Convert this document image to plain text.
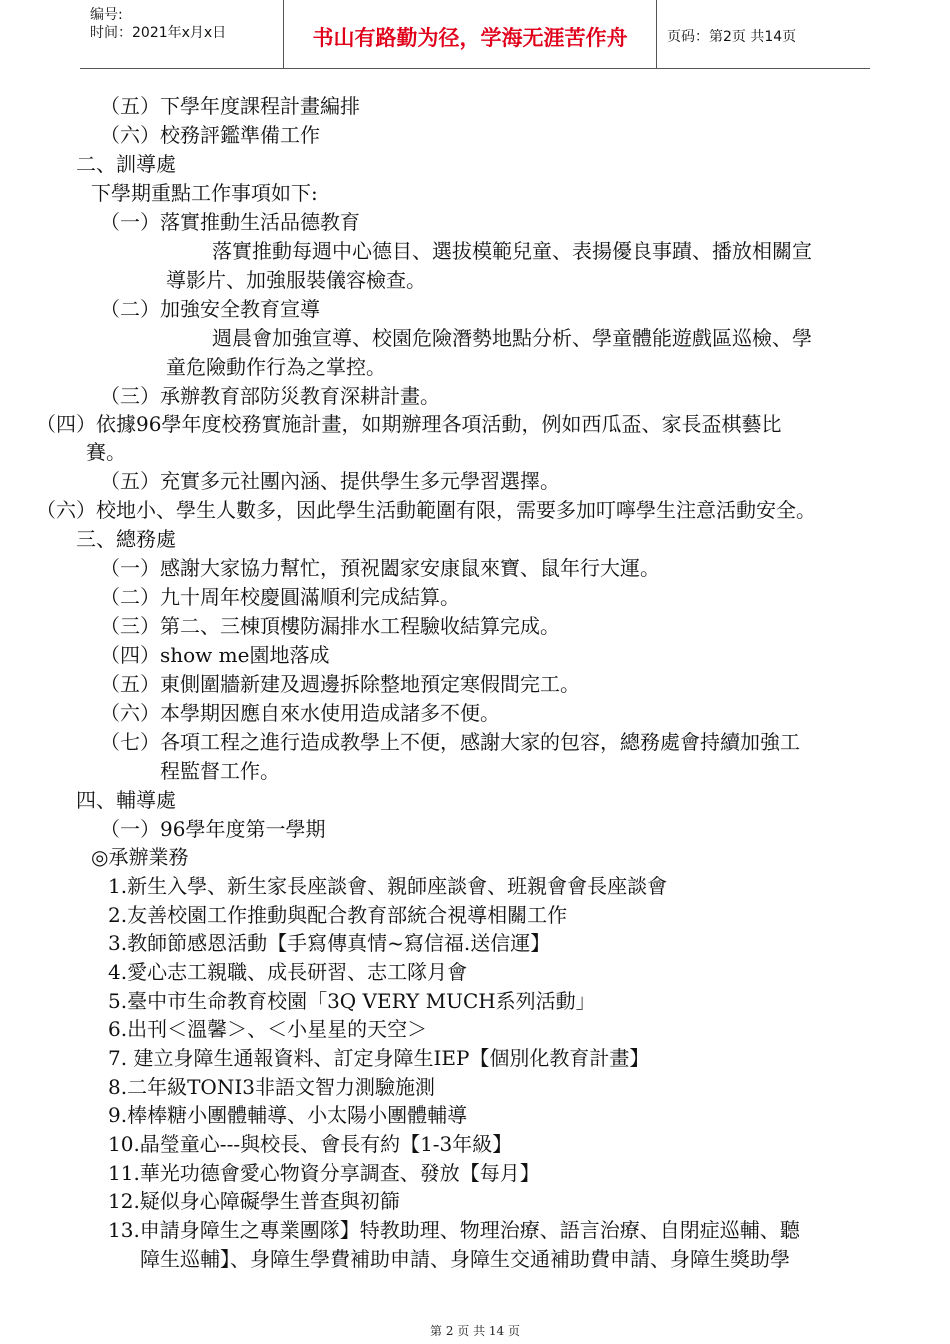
编号:
时间：2021年x月x日	书山有路勤为径，学海无涯苦作舟	页码：第2页 共14页
（五）下學年度課程計畫編排
（六）校務評鑑準備工作
二、訓導處
下學期重點工作事項如下:
（一）落實推動生活品德教育
落實推動每週中心德目、選拔模範兒童、表揚優良事蹟、播放相關宣
導影片、加強服裝儀容檢查。
（二）加強安全教育宣導
週晨會加強宣導、校園危險潛勢地點分析、學童體能遊戲區巡檢、學
童危險動作行為之掌控。
（三）承辦教育部防災教育深耕計畫。
（四）依據96學年度校務實施計畫，如期辦理各項活動，例如西瓜盃、家長盃棋藝比
賽。
（五）充實多元社團內涵、提供學生多元學習選擇。
（六）校地小、學生人數多，因此學生活動範圍有限，需要多加叮嚀學生注意活動安全。
三、總務處
（一）感謝大家協力幫忙，預祝闔家安康鼠來寶、鼠年行大運。
（二）九十周年校慶圓滿順利完成結算。
（三）第二、三棟頂樓防漏排水工程驗收結算完成。
（四）show me園地落成
（五）東側圍牆新建及週邊拆除整地預定寒假間完工。
（六）本學期因應自來水使用造成諸多不便。
（七）各項工程之進行造成教學上不便，感謝大家的包容，總務處會持續加強工
程監督工作。
四、輔導處
（一）96學年度第一學期
◎承辦業務
1.新生入學、新生家長座談會、親師座談會、班親會會長座談會
2.友善校園工作推動與配合教育部統合視導相關工作
3.教師節感恩活動【手寫傳真情~寫信福.送信運】
4.愛心志工親職、成長研習、志工隊月會
5.臺中市生命教育校園「3Q VERY MUCH系列活動」
6.出刊＜溫馨＞、＜小星星的天空＞
7. 建立身障生通報資料、訂定身障生IEP【個別化教育計畫】
8.二年級TONI3非語文智力測驗施測
9.棒棒糖小團體輔導、小太陽小團體輔導
10.晶瑩童心---與校長、會長有約【1-3年級】
11.華光功德會愛心物資分享調查、發放【每月】
12.疑似身心障礙學生普查與初篩
13.申請身障生之專業團隊】特教助理、物理治療、語言治療、自閉症巡輔、聽
障生巡輔】、身障生學費補助申請、身障生交通補助費申請、身障生獎助學
第 2 页 共 14 页
